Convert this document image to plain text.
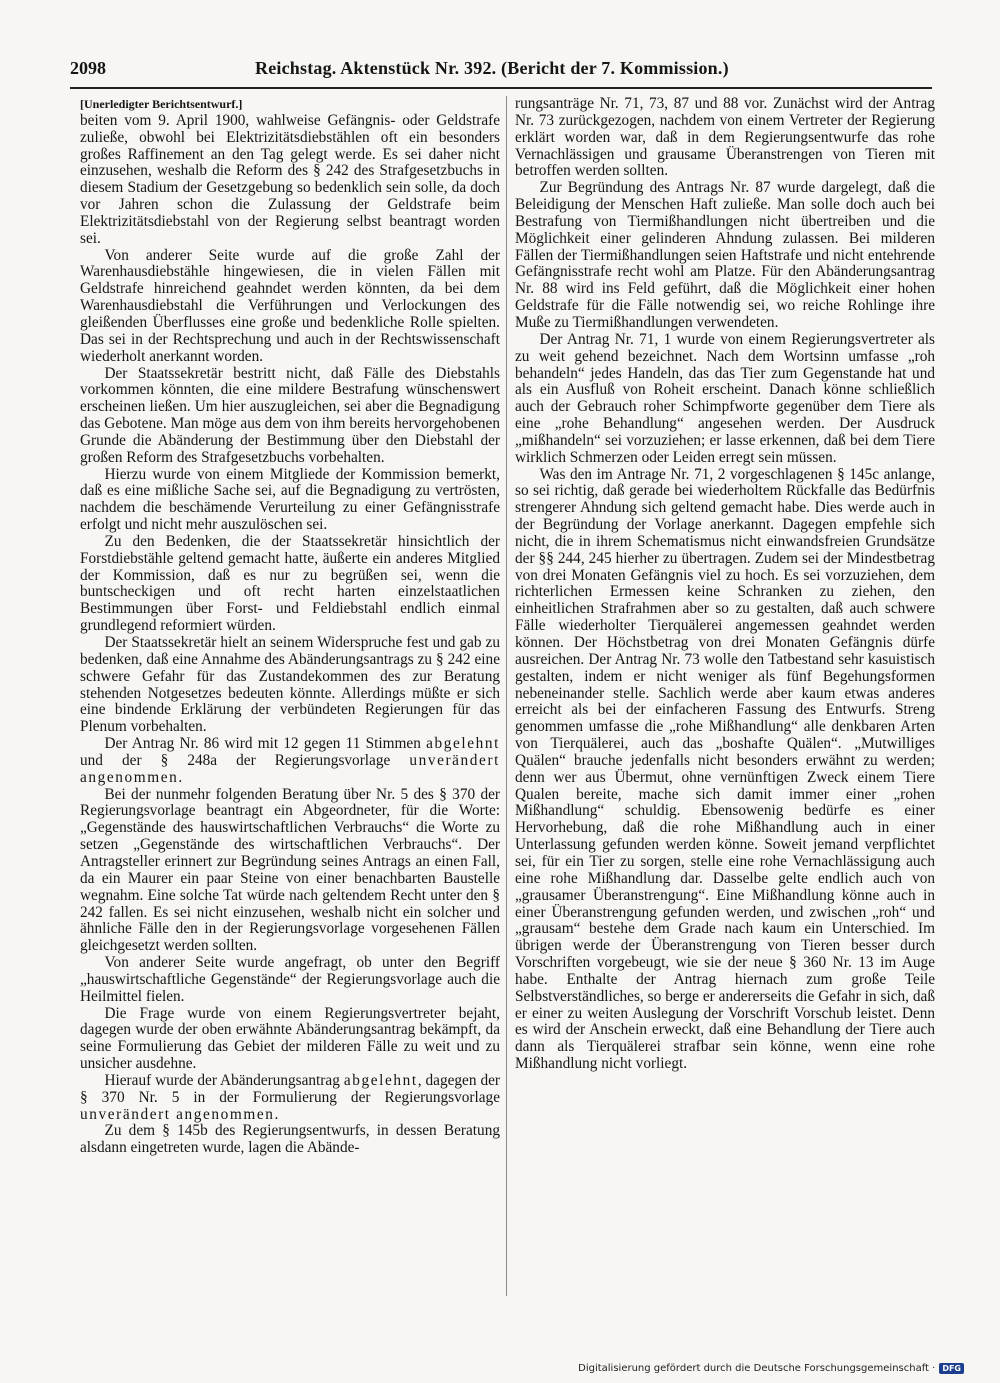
2098	Reichstag. Aktenstück Nr. 392. (Bericht der 7. Kommission.)

[Unerledigter Berichtsentwurf.]

beiten vom 9. April 1900, wahlweise Gefängnis- oder Geldstrafe zuließe, obwohl bei Elektrizitätsdiebstählen oft ein besonders großes Raffinement an den Tag gelegt werde. Es sei daher nicht einzusehen, weshalb die Reform des § 242 des Strafgesetzbuchs in diesem Stadium der Gesetzgebung so bedenklich sein solle, da doch vor Jahren schon die Zulassung der Geldstrafe beim Elektrizitätsdiebstahl von der Regierung selbst beantragt worden sei.

Von anderer Seite wurde auf die große Zahl der Warenhausdiebstähle hingewiesen, die in vielen Fällen mit Geldstrafe hinreichend geahndet werden könnten, da bei dem Warenhausdiebstahl die Verführungen und Verlockungen des gleißenden Überflusses eine große und bedenkliche Rolle spielten. Das sei in der Rechtsprechung und auch in der Rechtswissenschaft wiederholt anerkannt worden.

Der Staatssekretär bestritt nicht, daß Fälle des Diebstahls vorkommen könnten, die eine mildere Bestrafung wünschenswert erscheinen ließen. Um hier auszugleichen, sei aber die Begnadigung das Gebotene. Man möge aus dem von ihm bereits hervorgehobenen Grunde die Abänderung der Bestimmung über den Diebstahl der großen Reform des Strafgesetzbuchs vorbehalten.

Hierzu wurde von einem Mitgliede der Kommission bemerkt, daß es eine mißliche Sache sei, auf die Begnadigung zu vertrösten, nachdem die beschämende Verurteilung zu einer Gefängnisstrafe erfolgt und nicht mehr auszulöschen sei.

Zu den Bedenken, die der Staatssekretär hinsichtlich der Forstdiebstähle geltend gemacht hatte, äußerte ein anderes Mitglied der Kommission, daß es nur zu begrüßen sei, wenn die buntscheckigen und oft recht harten einzelstaatlichen Bestimmungen über Forst- und Feldiebstahl endlich einmal grundlegend reformiert würden.

Der Staatssekretär hielt an seinem Widerspruche fest und gab zu bedenken, daß eine Annahme des Abänderungsantrags zu § 242 eine schwere Gefahr für das Zustandekommen des zur Beratung stehenden Notgesetzes bedeuten könnte. Allerdings müßte er sich eine bindende Erklärung der verbündeten Regierungen für das Plenum vorbehalten.

Der Antrag Nr. 86 wird mit 12 gegen 11 Stimmen abgelehnt und der § 248a der Regierungsvorlage unverändert angenommen.

Bei der nunmehr folgenden Beratung über Nr. 5 des § 370 der Regierungsvorlage beantragt ein Abgeordneter, für die Worte: „Gegenstände des hauswirtschaftlichen Verbrauchs“ die Worte zu setzen „Gegenstände des wirtschaftlichen Verbrauchs“. Der Antragsteller erinnert zur Begründung seines Antrags an einen Fall, da ein Maurer ein paar Steine von einer benachbarten Baustelle wegnahm. Eine solche Tat würde nach geltendem Recht unter den § 242 fallen. Es sei nicht einzusehen, weshalb nicht ein solcher und ähnliche Fälle den in der Regierungsvorlage vorgesehenen Fällen gleichgesetzt werden sollten.

Von anderer Seite wurde angefragt, ob unter den Begriff „hauswirtschaftliche Gegenstände“ der Regierungsvorlage auch die Heilmittel fielen.

Die Frage wurde von einem Regierungsvertreter bejaht, dagegen wurde der oben erwähnte Abänderungsantrag bekämpft, da seine Formulierung das Gebiet der milderen Fälle zu weit und zu unsicher ausdehne.

Hierauf wurde der Abänderungsantrag abgelehnt, dagegen der § 370 Nr. 5 in der Formulierung der Regierungsvorlage unverändert angenommen.

Zu dem § 145b des Regierungsentwurfs, in dessen Beratung alsdann eingetreten wurde, lagen die Abände-

rungsanträge Nr. 71, 73, 87 und 88 vor. Zunächst wird der Antrag Nr. 73 zurückgezogen, nachdem von einem Vertreter der Regierung erklärt worden war, daß in dem Regierungsentwurfe das rohe Vernachlässigen und grausame Überanstrengen von Tieren mit betroffen werden sollten.

Zur Begründung des Antrags Nr. 87 wurde dargelegt, daß die Beleidigung der Menschen Haft zuließe. Man solle doch auch bei Bestrafung von Tiermißhandlungen nicht übertreiben und die Möglichkeit einer gelinderen Ahndung zulassen. Bei milderen Fällen der Tiermißhandlungen seien Haftstrafe und nicht entehrende Gefängnisstrafe recht wohl am Platze. Für den Abänderungsantrag Nr. 88 wird ins Feld geführt, daß die Möglichkeit einer hohen Geldstrafe für die Fälle notwendig sei, wo reiche Rohlinge ihre Muße zu Tiermißhandlungen verwendeten.

Der Antrag Nr. 71, 1 wurde von einem Regierungsvertreter als zu weit gehend bezeichnet. Nach dem Wortsinn umfasse „roh behandeln“ jedes Handeln, das das Tier zum Gegenstande hat und als ein Ausfluß von Roheit erscheint. Danach könne schließlich auch der Gebrauch roher Schimpfworte gegenüber dem Tiere als eine „rohe Behandlung“ angesehen werden. Der Ausdruck „mißhandeln“ sei vorzuziehen; er lasse erkennen, daß bei dem Tiere wirklich Schmerzen oder Leiden erregt sein müssen.

Was den im Antrage Nr. 71, 2 vorgeschlagenen § 145c anlange, so sei richtig, daß gerade bei wiederholtem Rückfalle das Bedürfnis strengerer Ahndung sich geltend gemacht habe. Dies werde auch in der Begründung der Vorlage anerkannt. Dagegen empfehle sich nicht, die in ihrem Schematismus nicht einwandsfreien Grundsätze der §§ 244, 245 hierher zu übertragen. Zudem sei der Mindestbetrag von drei Monaten Gefängnis viel zu hoch. Es sei vorzuziehen, dem richterlichen Ermessen keine Schranken zu ziehen, den einheitlichen Strafrahmen aber so zu gestalten, daß auch schwere Fälle wiederholter Tierquälerei angemessen geahndet werden können. Der Höchstbetrag von drei Monaten Gefängnis dürfe ausreichen. Der Antrag Nr. 73 wolle den Tatbestand sehr kasuistisch gestalten, indem er nicht weniger als fünf Begehungsformen nebeneinander stelle. Sachlich werde aber kaum etwas anderes erreicht als bei der einfacheren Fassung des Entwurfs. Streng genommen umfasse die „rohe Mißhandlung“ alle denkbaren Arten von Tierquälerei, auch das „boshafte Quälen“. „Mutwilliges Quälen“ brauche jedenfalls nicht besonders erwähnt zu werden; denn wer aus Übermut, ohne vernünftigen Zweck einem Tiere Qualen bereite, mache sich damit immer einer „rohen Mißhandlung“ schuldig. Ebensowenig bedürfe es einer Hervorhebung, daß die rohe Mißhandlung auch in einer Unterlassung gefunden werden könne. Soweit jemand verpflichtet sei, für ein Tier zu sorgen, stelle eine rohe Vernachlässigung auch eine rohe Mißhandlung dar. Dasselbe gelte endlich auch von „grausamer Überanstrengung“. Eine Mißhandlung könne auch in einer Überanstrengung gefunden werden, und zwischen „roh“ und „grausam“ bestehe dem Grade nach kaum ein Unterschied. Im übrigen werde der Überanstrengung von Tieren besser durch Vorschriften vorgebeugt, wie sie der neue § 360 Nr. 13 im Auge habe. Enthalte der Antrag hiernach zum große Teile Selbstverständliches, so berge er andererseits die Gefahr in sich, daß er einer zu weiten Auslegung der Vorschrift Vorschub leistet. Denn es wird der Anschein erweckt, daß eine Behandlung der Tiere auch dann als Tierquälerei strafbar sein könne, wenn eine rohe Mißhandlung nicht vorliegt.

Digitalisierung gefördert durch die Deutsche Forschungsgemeinschaft · DFG
